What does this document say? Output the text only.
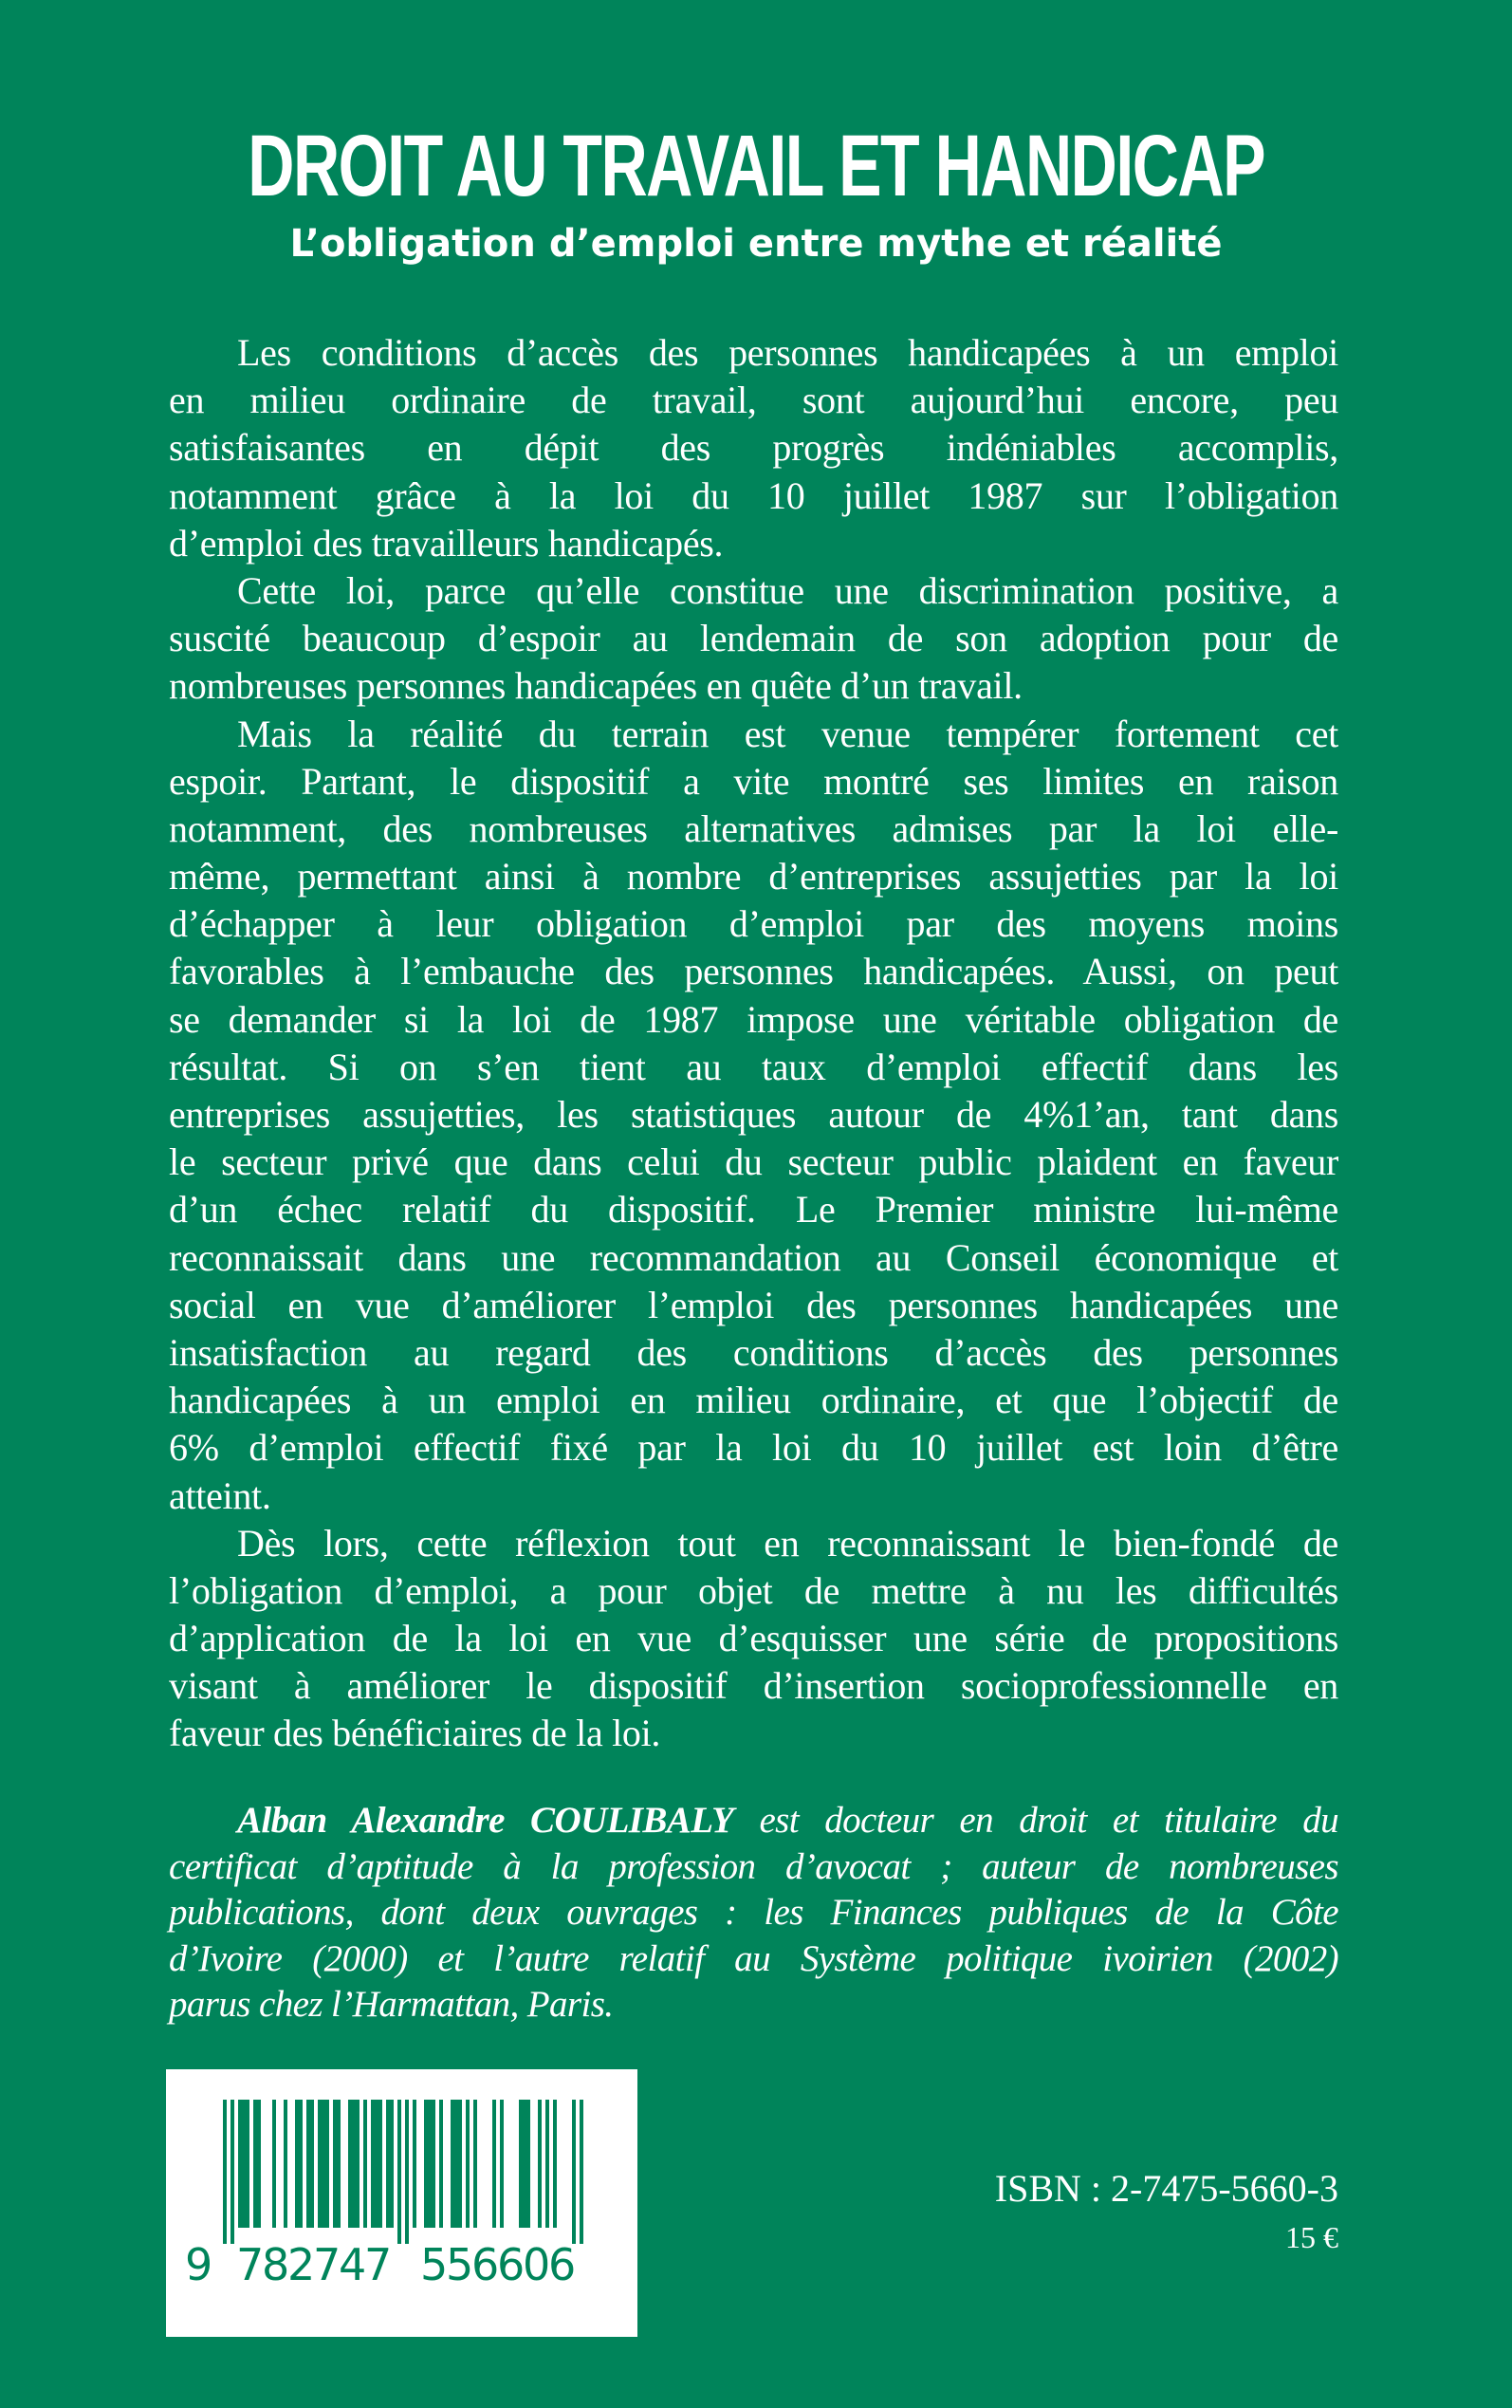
DROIT AU TRAVAIL ET HANDICAP
L’obligation d’emploi entre mythe et réalité
Les conditions d’accès des personnes handicapées à un emploi
en milieu ordinaire de travail, sont aujourd’hui encore, peu
satisfaisantes en dépit des progrès indéniables accomplis,
notamment grâce à la loi du 10 juillet 1987 sur l’obligation
d’emploi des travailleurs handicapés.
Cette loi, parce qu’elle constitue une discrimination positive, a
suscité beaucoup d’espoir au lendemain de son adoption pour de
nombreuses personnes handicapées en quête d’un travail.
Mais la réalité du terrain est venue tempérer fortement cet
espoir. Partant, le dispositif a vite montré ses limites en raison
notamment, des nombreuses alternatives admises par la loi elle-
même, permettant ainsi à nombre d’entreprises assujetties par la loi
d’échapper à leur obligation d’emploi par des moyens moins
favorables à l’embauche des personnes handicapées. Aussi, on peut
se demander si la loi de 1987 impose une véritable obligation de
résultat. Si on s’en tient au taux d’emploi effectif dans les
entreprises assujetties, les statistiques autour de 4%1’an, tant dans
le secteur privé que dans celui du secteur public plaident en faveur
d’un échec relatif du dispositif. Le Premier ministre lui-même
reconnaissait dans une recommandation au Conseil économique et
social en vue d’améliorer l’emploi des personnes handicapées une
insatisfaction au regard des conditions d’accès des personnes
handicapées à un emploi en milieu ordinaire, et que l’objectif de
6% d’emploi effectif fixé par la loi du 10 juillet est loin d’être
atteint.
Dès lors, cette réflexion tout en reconnaissant le bien-fondé de
l’obligation d’emploi, a pour objet de mettre à nu les difficultés
d’application de la loi en vue d’esquisser une série de propositions
visant à améliorer le dispositif d’insertion socioprofessionnelle en
faveur des bénéficiaires de la loi.
Alban Alexandre COULIBALY est docteur en droit et titulaire du
certificat d’aptitude à la profession d’avocat ; auteur de nombreuses
publications, dont deux ouvrages : les Finances publiques de la Côte
d’Ivoire (2000) et l’autre relatif au Système politique ivoirien (2002)
parus chez l’Harmattan, Paris.
9 7
8
2
7
4
7 5
5
6
6
0
6
ISBN : 2-7475-5660-3
15 €
